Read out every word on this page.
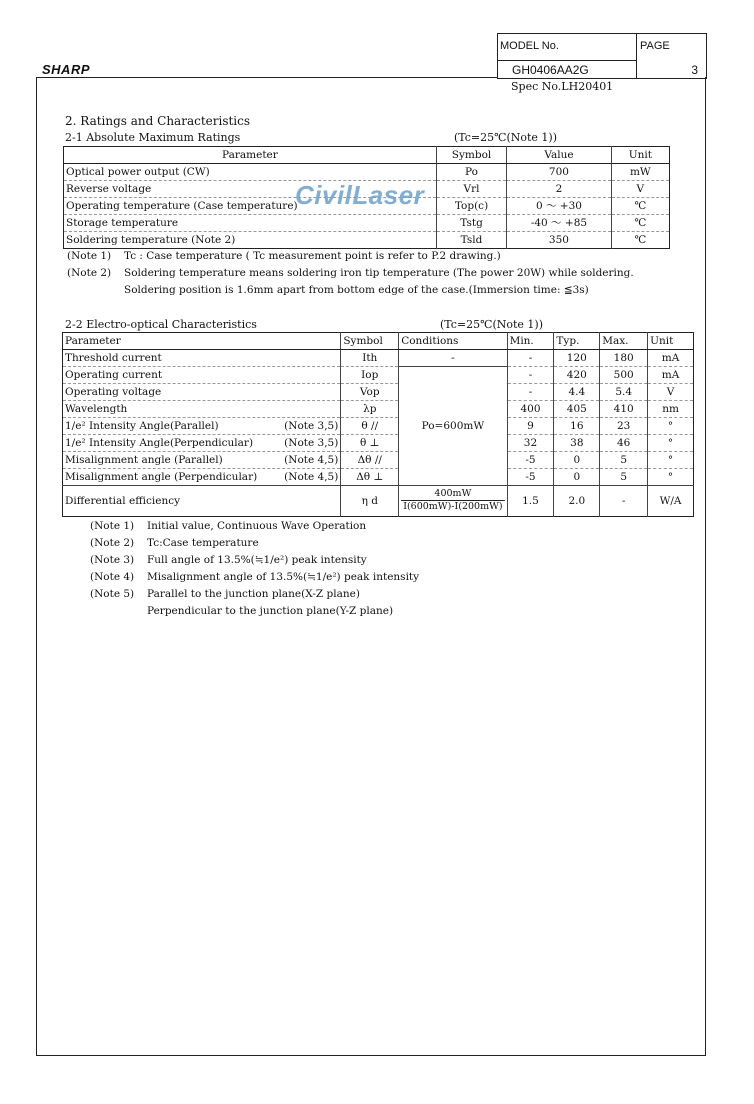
SHARP
MODEL No.
GH0406AA2G
PAGE
3
Spec No.LH20401
2. Ratings and Characteristics
2-1 Absolute Maximum Ratings	(Tc=25℃(Note 1))
Parameter	Symbol	Value	Unit
Optical power output (CW)	Po	700	mW
Reverse voltage	Vrl	2	V
Operating temperature (Case temperature)	Top(c)	0 ～ +30	℃
Storage temperature	Tstg	-40 ～ +85	℃
Soldering temperature (Note 2)	Tsld	350	℃
CivilLaser
(Note 1) Tc : Case temperature ( Tc measurement point is refer to P.2 drawing.)
(Note 2) Soldering temperature means soldering iron tip temperature (The power 20W) while soldering.
Soldering position is 1.6mm apart from bottom edge of the case.(Immersion time: ≦3s)
2-2 Electro-optical Characteristics	(Tc=25℃(Note 1))
Parameter	Symbol	Conditions	Min.	Typ.	Max.	Unit
Threshold current	Ith	-	-	120	180	mA
Operating current	Iop	Po=600mW	-	420	500	mA
Operating voltage	Vop		-	4.4	5.4	V
Wavelength	λp		400	405	410	nm
1/e² Intensity Angle(Parallel) (Note 3,5)	θ //		9	16	23	°
1/e² Intensity Angle(Perpendicular) (Note 3,5)	θ ⊥		32	38	46	°
Misalignment angle (Parallel) (Note 4,5)	Δθ //		-5	0	5	°
Misalignment angle (Perpendicular) (Note 4,5)	Δθ ⊥		-5	0	5	°
Differential efficiency	η d	$\frac{400mW}{I(600mW)-I(200mW)}$	1.5	2.0	-	W/A
(Note 1) Initial value, Continuous Wave Operation
(Note 2) Tc:Case temperature
(Note 3) Full angle of 13.5%(≒1/e²) peak intensity
(Note 4) Misalignment angle of 13.5%(≒1/e²) peak intensity
(Note 5) Parallel to the junction plane(X-Z plane)
Perpendicular to the junction plane(Y-Z plane)
